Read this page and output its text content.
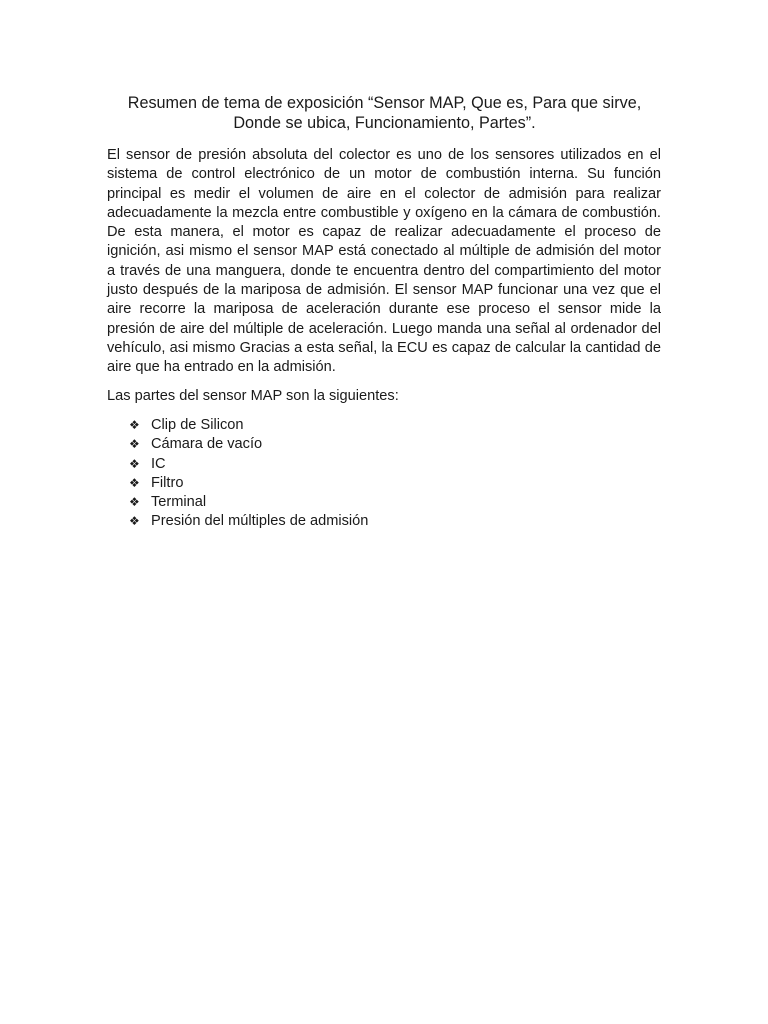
Resumen de tema de exposición “Sensor MAP, Que es, Para que sirve, Donde se ubica, Funcionamiento, Partes”.

El sensor de presión absoluta del colector es uno de los sensores utilizados en el sistema de control electrónico de un motor de combustión interna. Su función principal es medir el volumen de aire en el colector de admisión para realizar adecuadamente la mezcla entre combustible y oxígeno en la cámara de combustión. De esta manera, el motor es capaz de realizar adecuadamente el proceso de ignición, asi mismo el sensor MAP está conectado al múltiple de admisión del motor a través de una manguera, donde te encuentra dentro del compartimiento del motor justo después de la mariposa de admisión. El sensor MAP funcionar una vez que el aire recorre la mariposa de aceleración durante ese proceso el sensor mide la presión de aire del múltiple de aceleración. Luego manda una señal al ordenador del vehículo, asi mismo Gracias a esta señal, la ECU es capaz de calcular la cantidad de aire que ha entrado en la admisión.

Las partes del sensor MAP son la siguientes:

❖ Clip de Silicon
❖ Cámara de vacío
❖ IC
❖ Filtro
❖ Terminal
❖ Presión del múltiples de admisión
